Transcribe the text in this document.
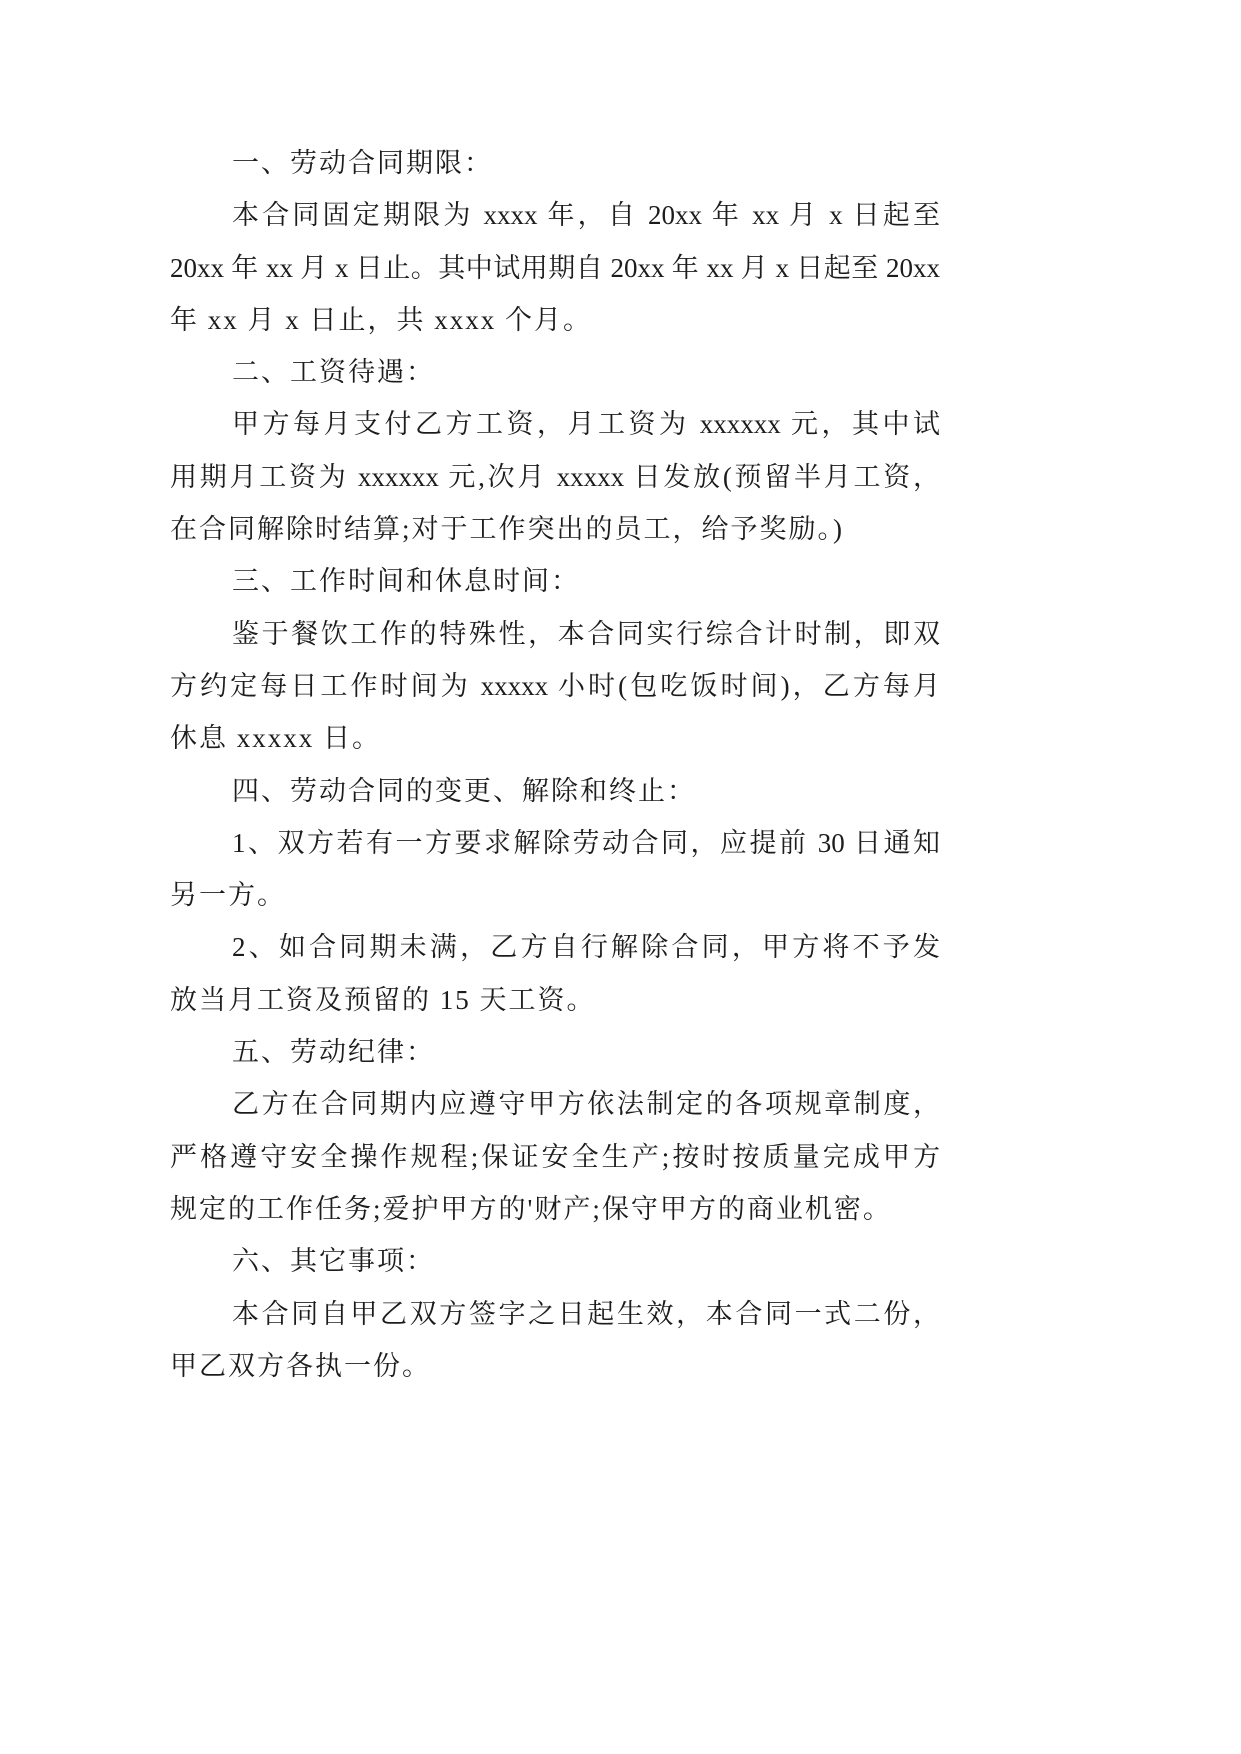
一、劳动合同期限：
本合同固定期限为 xxxx 年，自 20xx 年 xx 月 x 日起至
20xx 年 xx 月 x 日止。其中试用期自 20xx 年 xx 月 x 日起至 20xx
年 xx 月 x 日止，共 xxxx 个月。
二、工资待遇：
甲方每月支付乙方工资，月工资为 xxxxxx 元，其中试
用期月工资为 xxxxxx 元,次月 xxxxx 日发放(预留半月工资，
在合同解除时结算;对于工作突出的员工，给予奖励。)
三、工作时间和休息时间：
鉴于餐饮工作的特殊性，本合同实行综合计时制，即双
方约定每日工作时间为 xxxxx 小时(包吃饭时间)，乙方每月
休息 xxxxx 日。
四、劳动合同的变更、解除和终止：
1、双方若有一方要求解除劳动合同，应提前 30 日通知
另一方。
2、如合同期未满，乙方自行解除合同，甲方将不予发
放当月工资及预留的 15 天工资。
五、劳动纪律：
乙方在合同期内应遵守甲方依法制定的各项规章制度，
严格遵守安全操作规程;保证安全生产;按时按质量完成甲方
规定的工作任务;爱护甲方的'财产;保守甲方的商业机密。
六、其它事项：
本合同自甲乙双方签字之日起生效，本合同一式二份，
甲乙双方各执一份。
